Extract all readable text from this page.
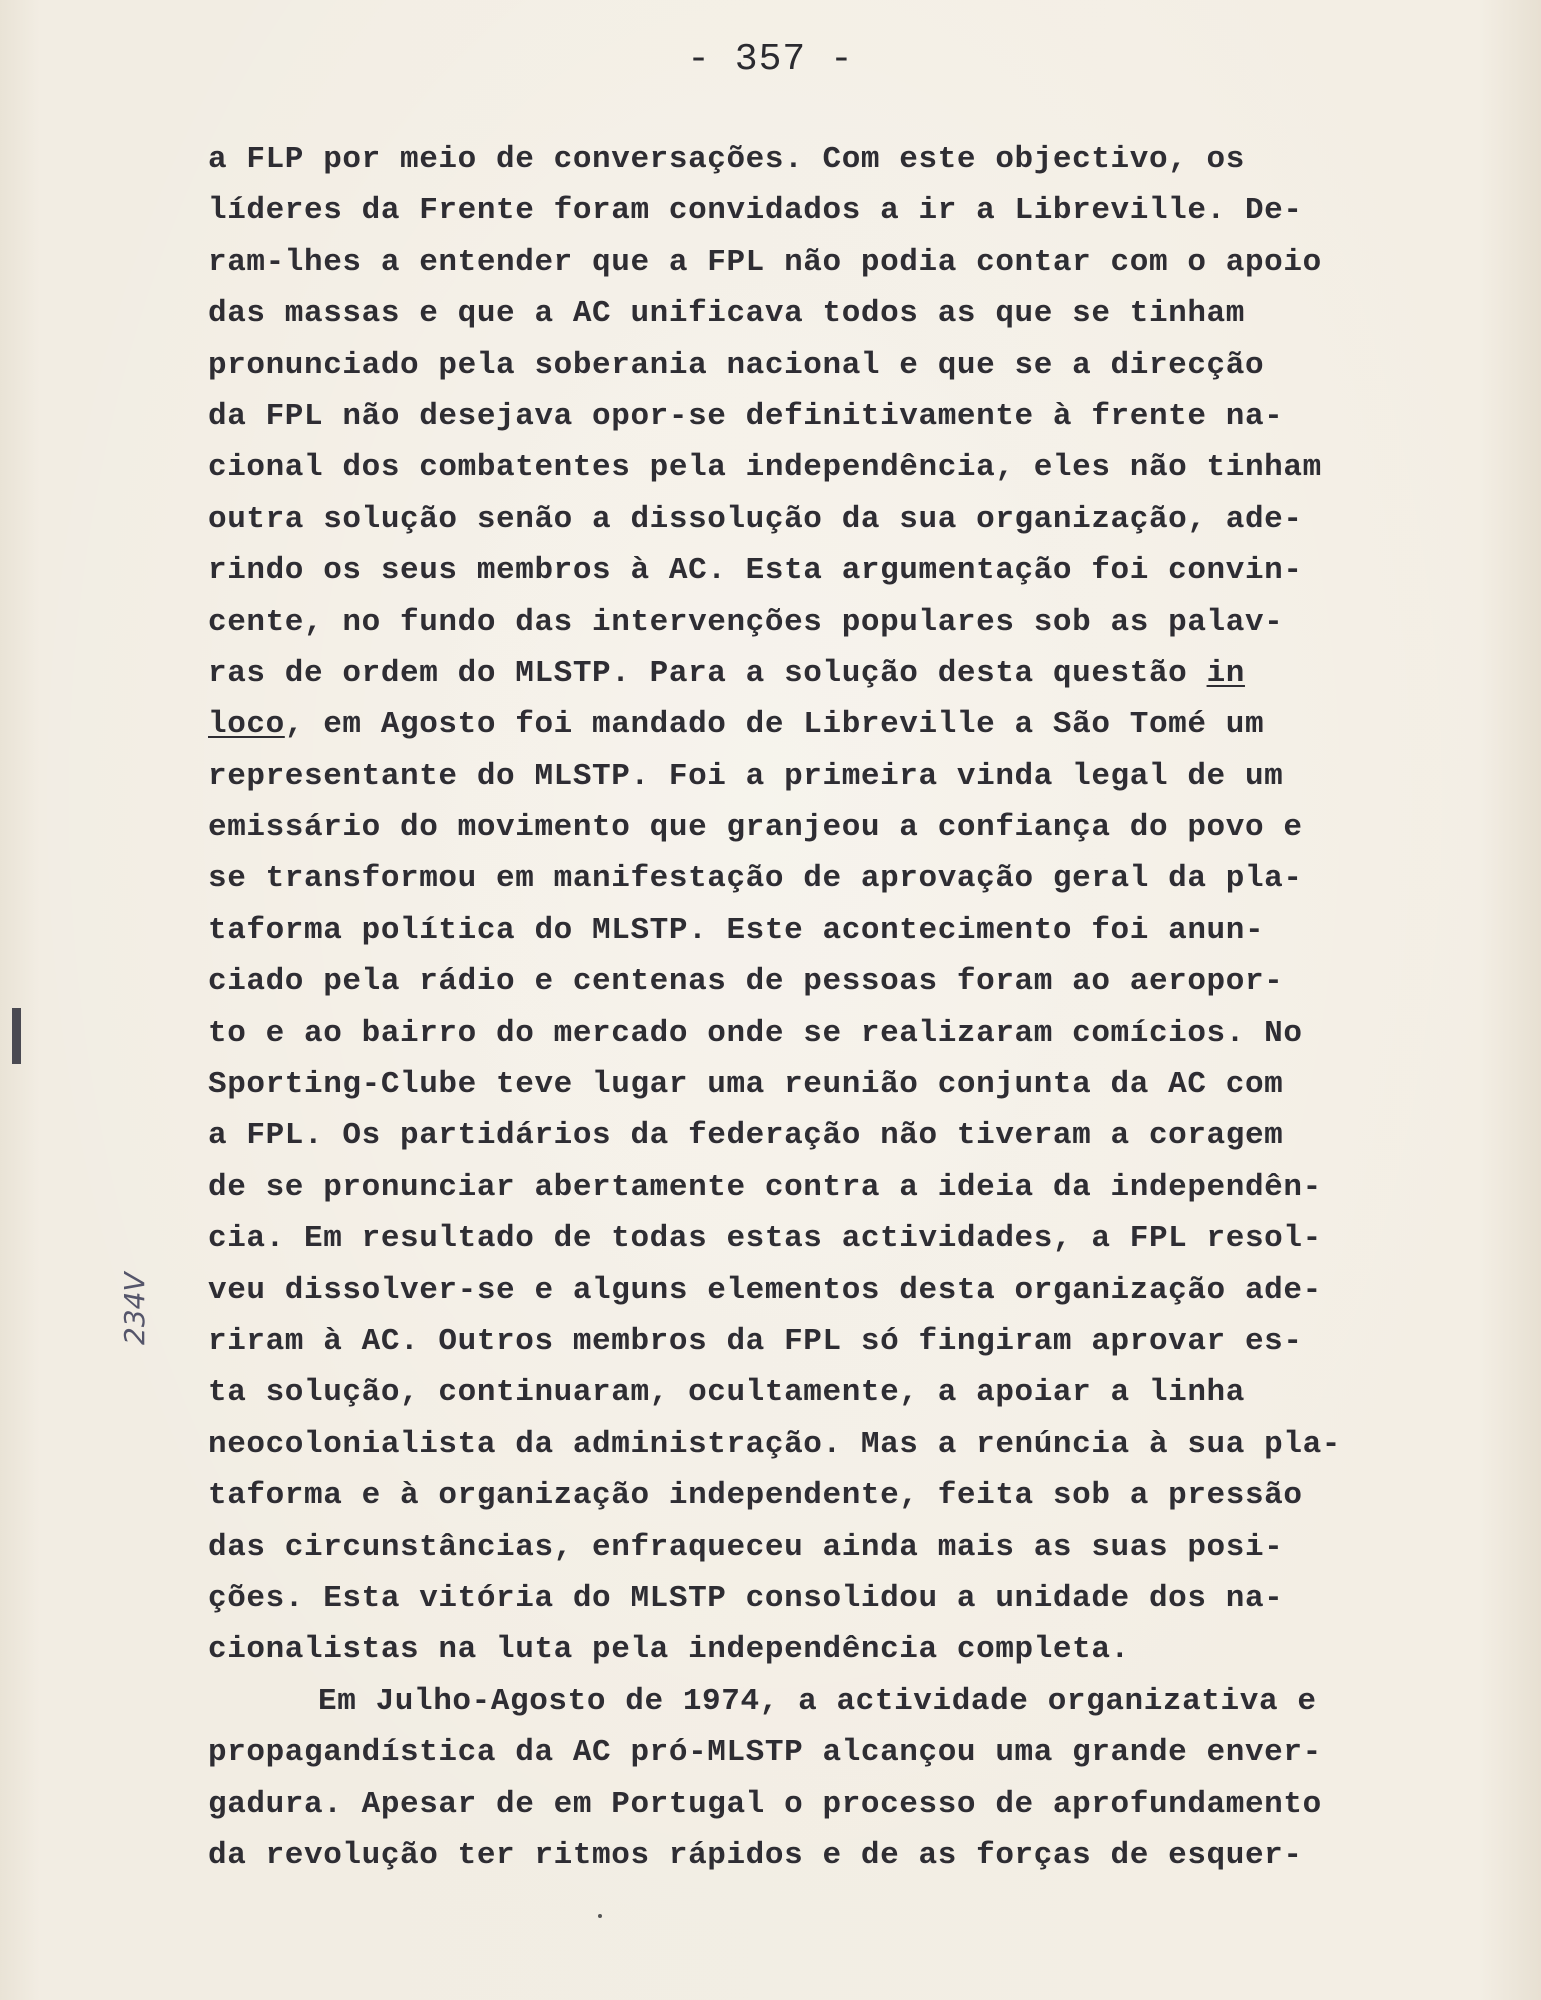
- 357 -
234V
a FLP por meio de conversações. Com este objectivo, os
líderes da Frente foram convidados a ir a Libreville. De-
ram-lhes a entender que a FPL não podia contar com o apoio
das massas e que a AC unificava todos as que se tinham
pronunciado pela soberania nacional e que se a direcção
da FPL não desejava opor-se definitivamente à frente na-
cional dos combatentes pela independência, eles não tinham
outra solução senão a dissolução da sua organização, ade-
rindo os seus membros à AC. Esta argumentação foi convin-
cente, no fundo das intervenções populares sob as palav-
ras de ordem do MLSTP. Para a solução desta questão in
loco, em Agosto foi mandado de Libreville a São Tomé um
representante do MLSTP. Foi a primeira vinda legal de um
emissário do movimento que granjeou a confiança do povo e
se transformou em manifestação de aprovação geral da pla-
taforma política do MLSTP. Este acontecimento foi anun-
ciado pela rádio e centenas de pessoas foram ao aeropor-
to e ao bairro do mercado onde se realizaram comícios. No
Sporting-Clube teve lugar uma reunião conjunta da AC com
a FPL. Os partidários da federação não tiveram a coragem
de se pronunciar abertamente contra a ideia da independên-
cia. Em resultado de todas estas actividades, a FPL resol-
veu dissolver-se e alguns elementos desta organização ade-
riram à AC. Outros membros da FPL só fingiram aprovar es-
ta solução, continuaram, ocultamente, a apoiar a linha
neocolonialista da administração. Mas a renúncia à sua pla-
taforma e à organização independente, feita sob a pressão
das circunstâncias, enfraqueceu ainda mais as suas posi-
ções. Esta vitória do MLSTP consolidou a unidade dos na-
cionalistas na luta pela independência completa.
Em Julho-Agosto de 1974, a actividade organizativa e
propagandística da AC pró-MLSTP alcançou uma grande enver-
gadura. Apesar de em Portugal o processo de aprofundamento
da revolução ter ritmos rápidos e de as forças de esquer-
